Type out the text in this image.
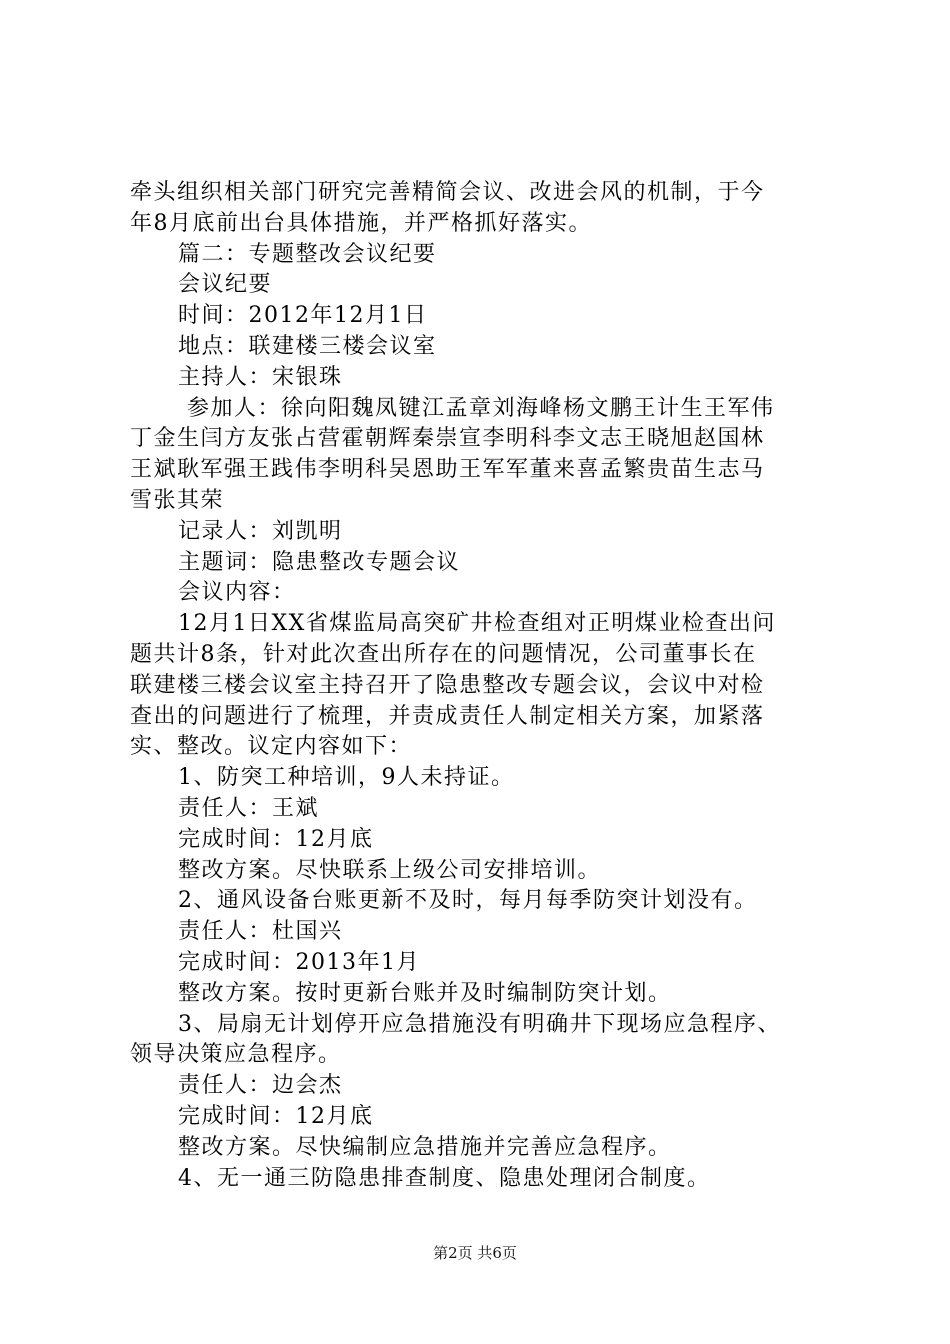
牵头组织相关部门研究完善精简会议、改进会风的机制，于今
年8月底前出台具体措施，并严格抓好落实。
篇二：专题整改会议纪要
会议纪要
时间：2012年12月1日
地点：联建楼三楼会议室
主持人：宋银珠
参加人：徐向阳魏凤键江孟章刘海峰杨文鹏王计生王军伟
丁金生闫方友张占营霍朝辉秦崇宣李明科李文志王晓旭赵国林
王斌耿军强王践伟李明科吴恩助王军军董来喜孟繁贵苗生志马
雪张其荣
记录人：刘凯明
主题词：隐患整改专题会议
会议内容：
12月1日XX省煤监局高突矿井检查组对正明煤业检查出问
题共计8条，针对此次查出所存在的问题情况，公司董事长在
联建楼三楼会议室主持召开了隐患整改专题会议，会议中对检
查出的问题进行了梳理，并责成责任人制定相关方案，加紧落
实、整改。议定内容如下：
1、防突工种培训，9人未持证。
责任人：王斌
完成时间：12月底
整改方案。尽快联系上级公司安排培训。
2、通风设备台账更新不及时，每月每季防突计划没有。
责任人：杜国兴
完成时间：2013年1月
整改方案。按时更新台账并及时编制防突计划。
3、局扇无计划停开应急措施没有明确井下现场应急程序、
领导决策应急程序。
责任人：边会杰
完成时间：12月底
整改方案。尽快编制应急措施并完善应急程序。
4、无一通三防隐患排查制度、隐患处理闭合制度。
第2页 共6页
